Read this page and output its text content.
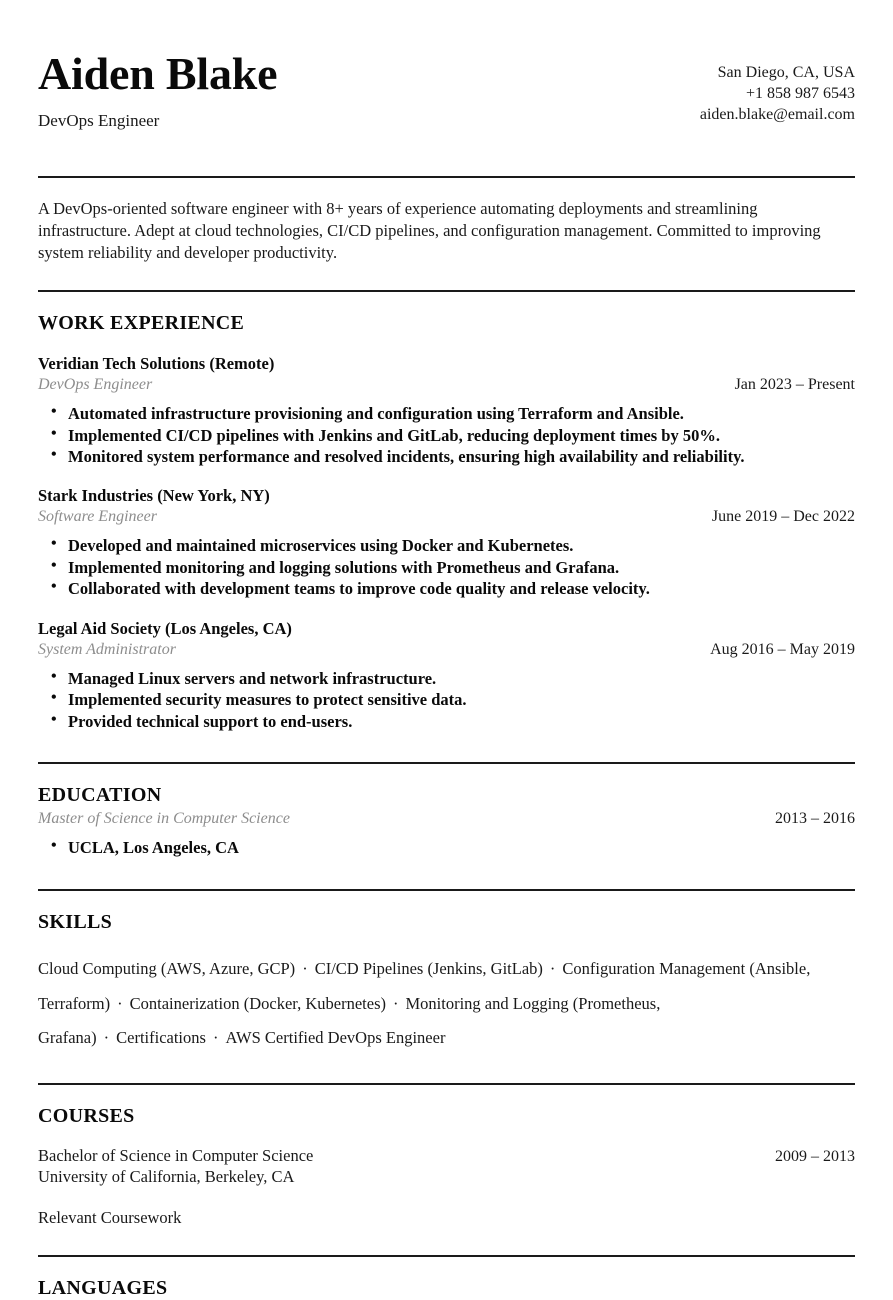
Aiden Blake
DevOps Engineer
San Diego, CA, USA
+1 858 987 6543
aiden.blake@email.com
A DevOps-oriented software engineer with 8+ years of experience automating deployments and streamlining infrastructure. Adept at cloud technologies, CI/CD pipelines, and configuration management. Committed to improving system reliability and developer productivity.
WORK EXPERIENCE
Veridian Tech Solutions (Remote)
DevOps Engineer	Jan 2023 – Present
• Automated infrastructure provisioning and configuration using Terraform and Ansible.
• Implemented CI/CD pipelines with Jenkins and GitLab, reducing deployment times by 50%.
• Monitored system performance and resolved incidents, ensuring high availability and reliability.
Stark Industries (New York, NY)
Software Engineer	June 2019 – Dec 2022
• Developed and maintained microservices using Docker and Kubernetes.
• Implemented monitoring and logging solutions with Prometheus and Grafana.
• Collaborated with development teams to improve code quality and release velocity.
Legal Aid Society (Los Angeles, CA)
System Administrator	Aug 2016 – May 2019
• Managed Linux servers and network infrastructure.
• Implemented security measures to protect sensitive data.
• Provided technical support to end-users.
EDUCATION
Master of Science in Computer Science	2013 – 2016
• UCLA, Los Angeles, CA
SKILLS
Cloud Computing (AWS, Azure, GCP) · CI/CD Pipelines (Jenkins, GitLab) · Configuration Management (Ansible, Terraform) · Containerization (Docker, Kubernetes) · Monitoring and Logging (Prometheus, Grafana) · Certifications · AWS Certified DevOps Engineer
COURSES
Bachelor of Science in Computer Science	2009 – 2013
University of California, Berkeley, CA
Relevant Coursework
LANGUAGES
